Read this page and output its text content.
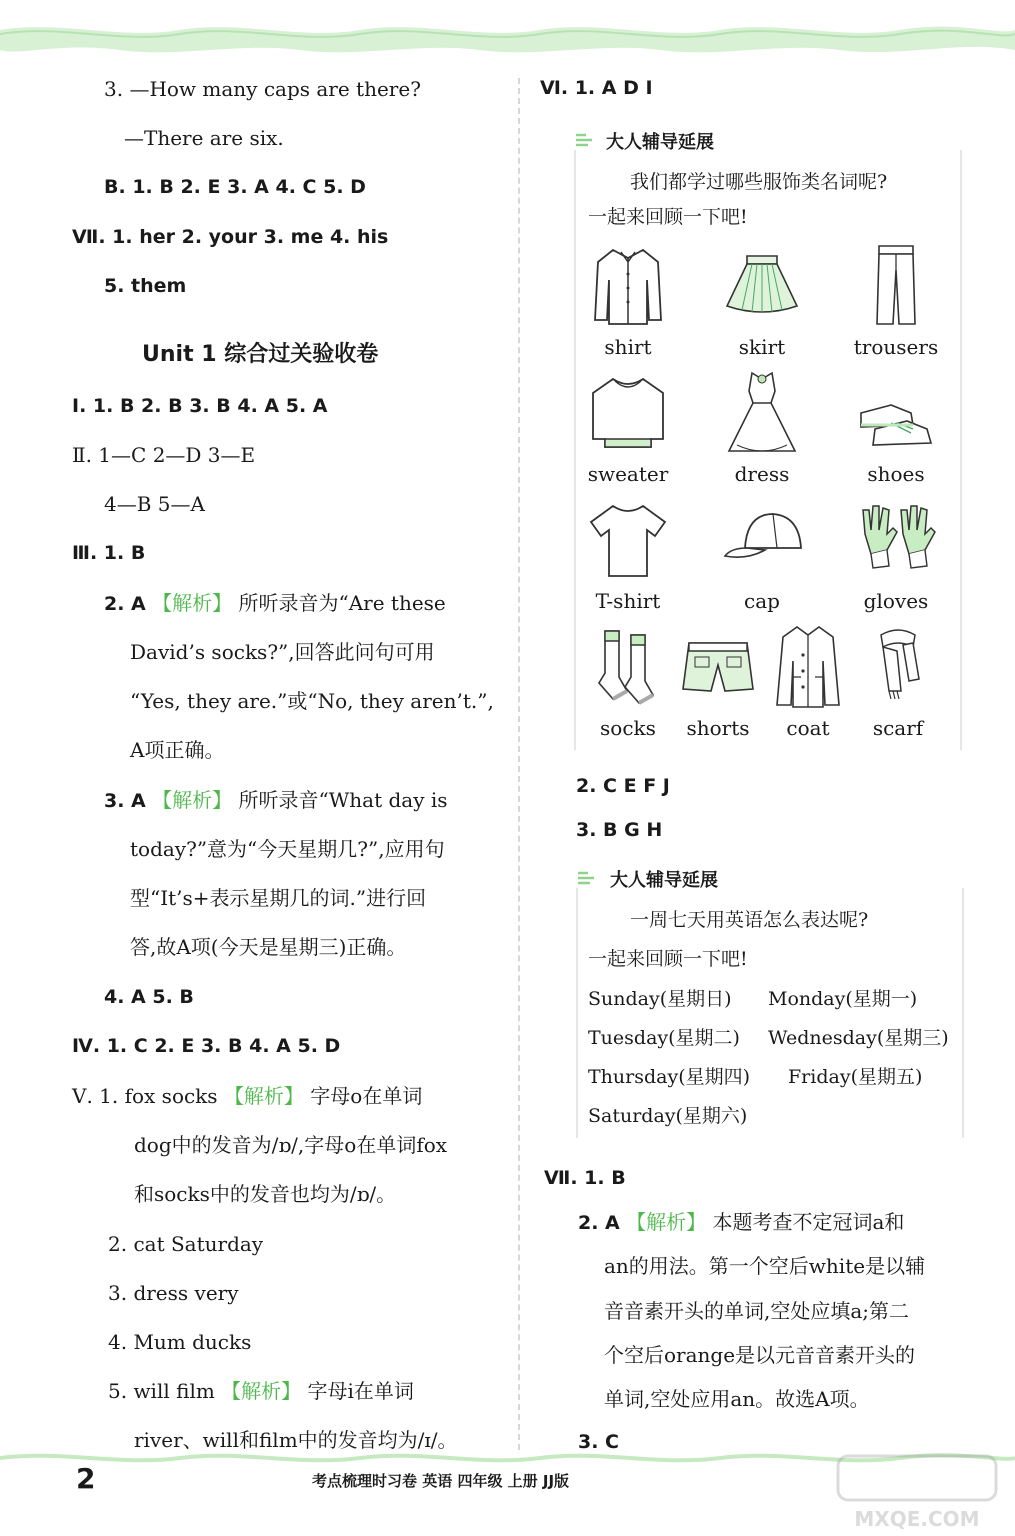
3. —How many caps are there?
—There are six.
B. 1. B 2. E 3. A 4. C 5. D
Ⅶ. 1. her 2. your 3. me 4. his
5. them
Unit 1 综合过关验收卷
Ⅰ. 1. B 2. B 3. B 4. A 5. A
Ⅱ. 1—C 2—D 3—E
4—B 5—A
Ⅲ. 1. B
2. A 【解析】 所听录音为“Are these
David’s socks?”,回答此问句可用
“Yes, they are.”或“No, they aren’t.”,
A项正确。
3. A 【解析】 所听录音“What day is
today?”意为“今天星期几?”,应用句
型“It’s+表示星期几的词.”进行回
答,故A项(今天是星期三)正确。
4. A 5. B
Ⅳ. 1. C 2. E 3. B 4. A 5. D
Ⅴ. 1. fox socks 【解析】 字母o在单词
dog中的发音为/ɒ/,字母o在单词fox
和socks中的发音也均为/ɒ/。
2. cat Saturday
3. dress very
4. Mum ducks
5. will film 【解析】 字母i在单词
river、will和film中的发音均为/ɪ/。
Ⅵ. 1. A D I
大人辅导延展
我们都学过哪些服饰类名词呢?
一起来回顾一下吧!
shirt	skirt	trousers
sweater	dress	shoes
T-shirt	cap	gloves
socks	shorts	coat	scarf
2. C E F J
3. B G H
大人辅导延展
一周七天用英语怎么表达呢?
一起来回顾一下吧!
Sunday(星期日) Monday(星期一)
Tuesday(星期二) Wednesday(星期三)
Thursday(星期四) Friday(星期五)
Saturday(星期六)
Ⅶ. 1. B
2. A 【解析】 本题考查不定冠词a和
an的用法。第一个空后white是以辅
音音素开头的单词,空处应填a;第二
个空后orange是以元音音素开头的
单词,空处应用an。故选A项。
3. C
2	考点梳理时习卷 英语 四年级 上册 JJ版
MXQE.COM
